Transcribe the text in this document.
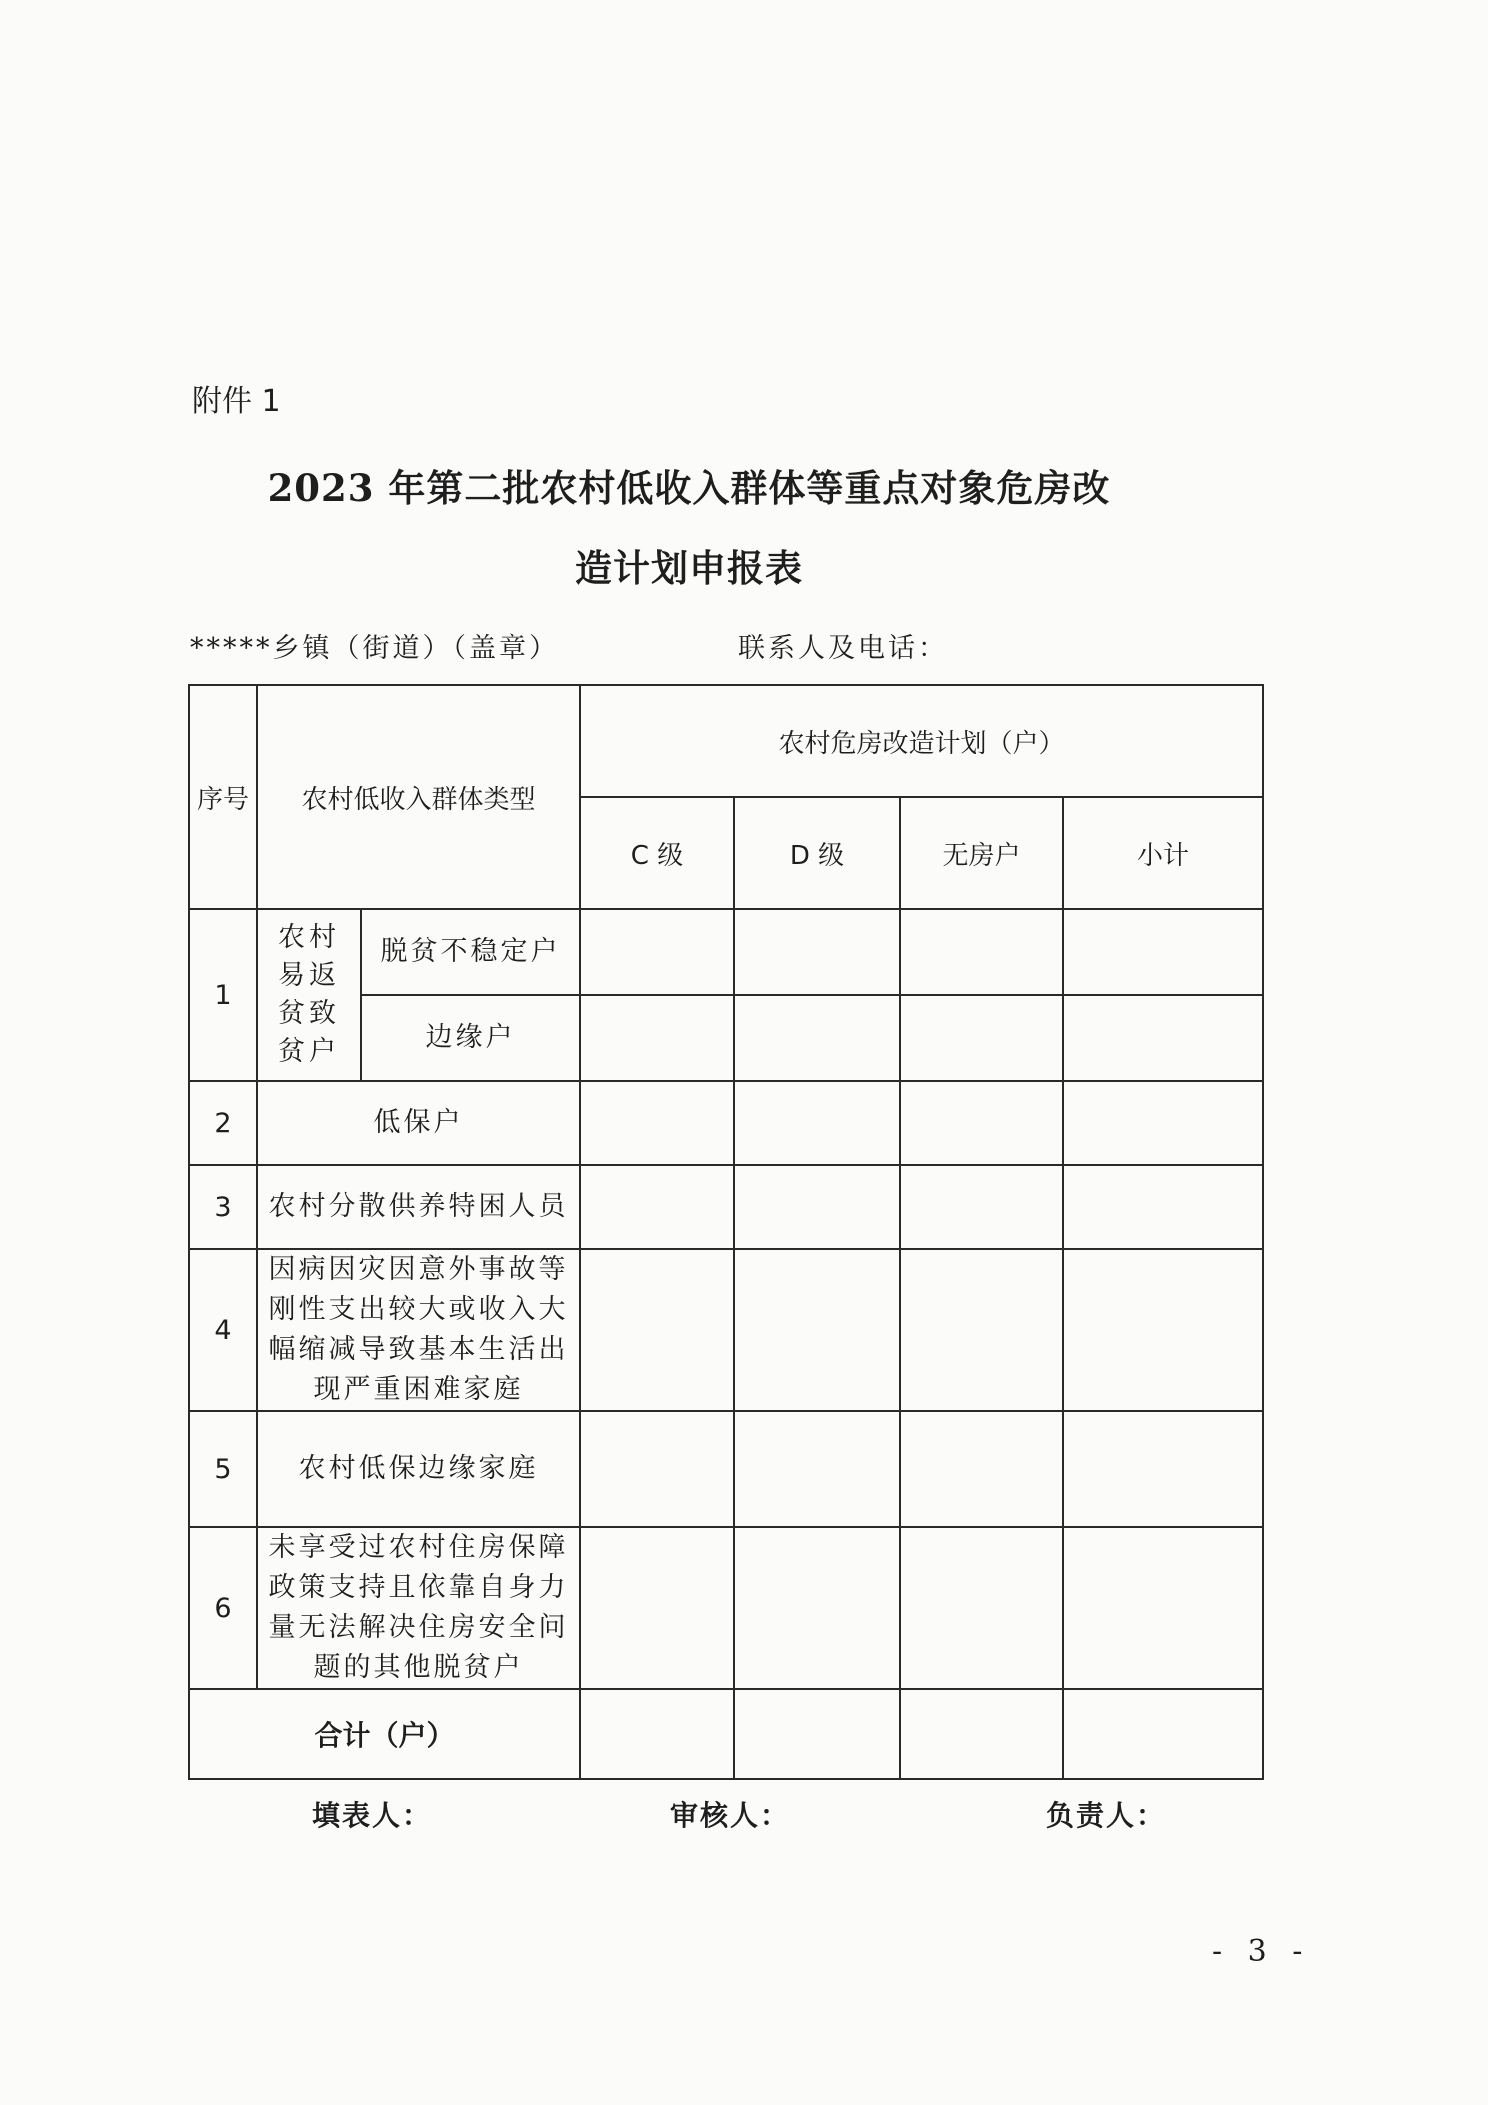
附件 1
2023 年第二批农村低收入群体等重点对象危房改
造计划申报表
*****乡镇（街道）（盖章）	联系人及电话：
序号	农村低收入群体类型		农村危房改造计划（户）			
			C 级	D 级	无房户	小计
1	农村易返贫致贫户	脱贫不稳定户				
		边缘户				
2	低保户					
3	农村分散供养特困人员					
4	因病因灾因意外事故等刚性支出较大或收入大幅缩减导致基本生活出现严重困难家庭					
5	农村低保边缘家庭					
6	未享受过农村住房保障政策支持且依靠自身力量无法解决住房安全问题的其他脱贫户					
合计（户）						
填表人：	审核人：	负责人：
- 3 -
